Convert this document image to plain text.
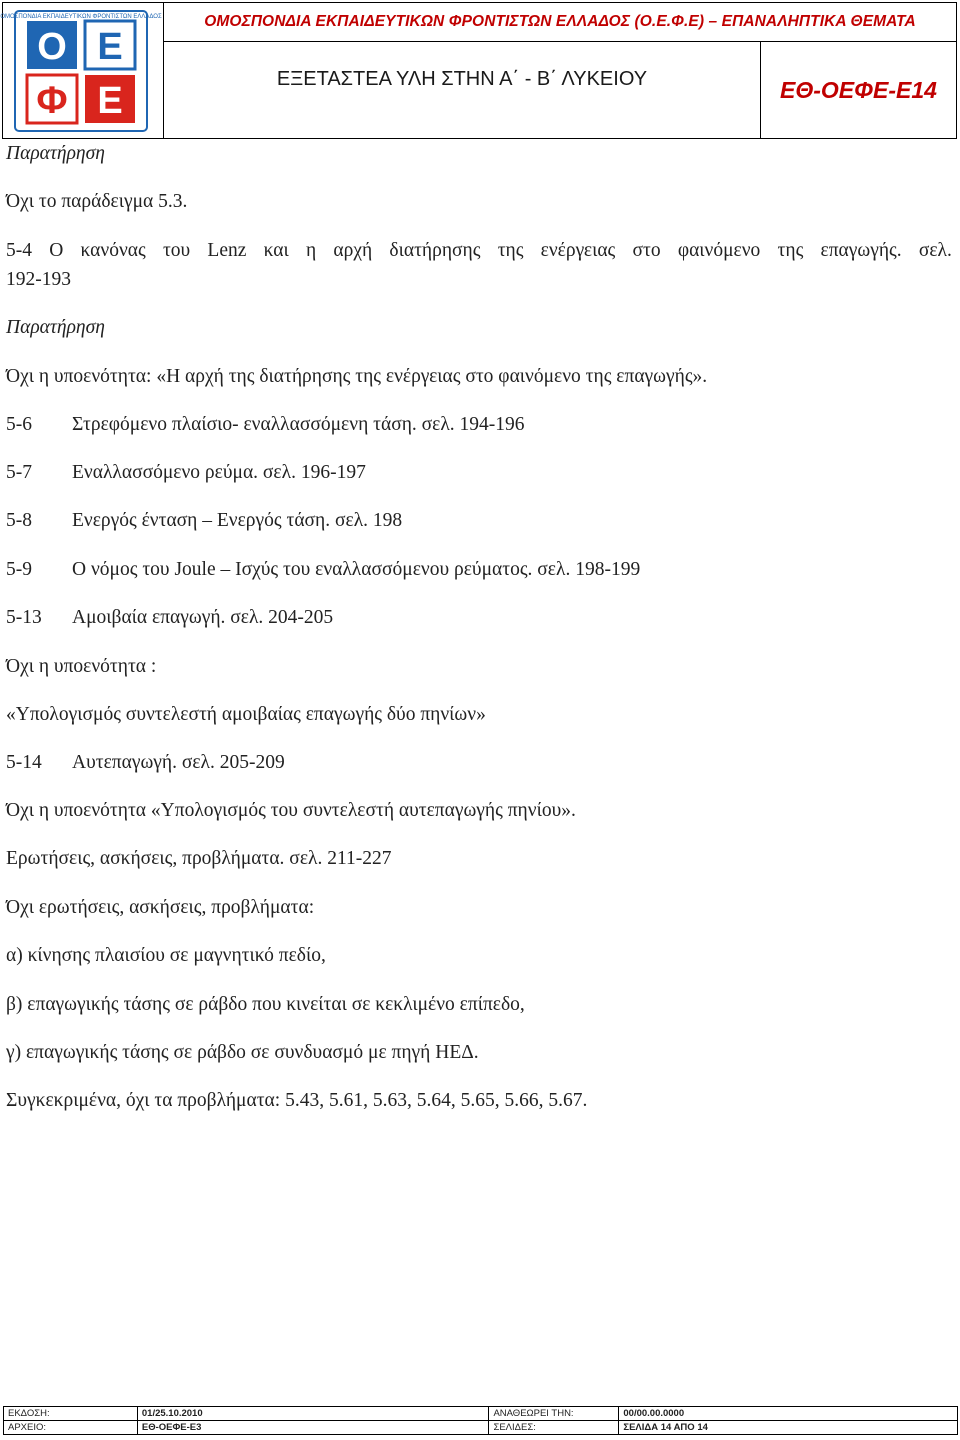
Ο Ε
Φ Ε
ΟΜΟΣΠΟΝΔΙΑ ΕΚΠΑΙΔΕΥΤΙΚΩΝ ΦΡΟΝΤΙΣΤΩΝ ΕΛΛΑΔΟΣ	ΟΜΟΣΠΟΝΔΙΑ ΕΚΠΑΙΔΕΥΤΙΚΩΝ ΦΡΟΝΤΙΣΤΩΝ ΕΛΛΑΔΟΣ (Ο.Ε.Φ.Ε) – ΕΠΑΝΑΛΗΠΤΙΚΑ ΘΕΜΑΤΑ
ΕΞΕΤΑΣΤΕΑ ΥΛΗ ΣΤΗΝ Α΄ - Β΄ ΛΥΚΕΙΟΥ	ΕΘ-ΟΕΦΕ-Ε14
Παρατήρηση
Όχι το παράδειγμα 5.3.
5-4 Ο κανόνας του Lenz και η αρχή διατήρησης της ενέργειας στο φαινόμενο της επαγωγής. σελ.
192-193
Παρατήρηση
Όχι η υποενότητα: «Η αρχή της διατήρησης της ενέργειας στο φαινόμενο της επαγωγής».
5-6 Στρεφόμενο πλαίσιο- εναλλασσόμενη τάση. σελ. 194-196
5-7 Εναλλασσόμενο ρεύμα. σελ. 196-197
5-8 Ενεργός ένταση – Ενεργός τάση. σελ. 198
5-9 Ο νόμος του Joule – Ισχύς του εναλλασσόμενου ρεύματος. σελ. 198-199
5-13 Αμοιβαία επαγωγή. σελ. 204-205
Όχι η υποενότητα :
«Υπολογισμός συντελεστή αμοιβαίας επαγωγής δύο πηνίων»
5-14 Αυτεπαγωγή. σελ. 205-209
Όχι η υποενότητα «Υπολογισμός του συντελεστή αυτεπαγωγής πηνίου».
Ερωτήσεις, ασκήσεις, προβλήματα. σελ. 211-227
Όχι ερωτήσεις, ασκήσεις, προβλήματα:
α) κίνησης πλαισίου σε μαγνητικό πεδίο,
β) επαγωγικής τάσης σε ράβδο που κινείται σε κεκλιμένο επίπεδο,
γ) επαγωγικής τάσης σε ράβδο σε συνδυασμό με πηγή ΗΕΔ.
Συγκεκριμένα, όχι τα προβλήματα: 5.43, 5.61, 5.63, 5.64, 5.65, 5.66, 5.67.
ΕΚΔΟΣΗ:	01/25.10.2010	ΑΝΑΘΕΩΡΕΙ ΤΗΝ:	00/00.00.0000
ΑΡΧΕΙΟ:	ΕΘ-ΟΕΦΕ-Ε3	ΣΕΛΙΔΕΣ:	ΣΕΛΙΔΑ 14 ΑΠΟ 14
